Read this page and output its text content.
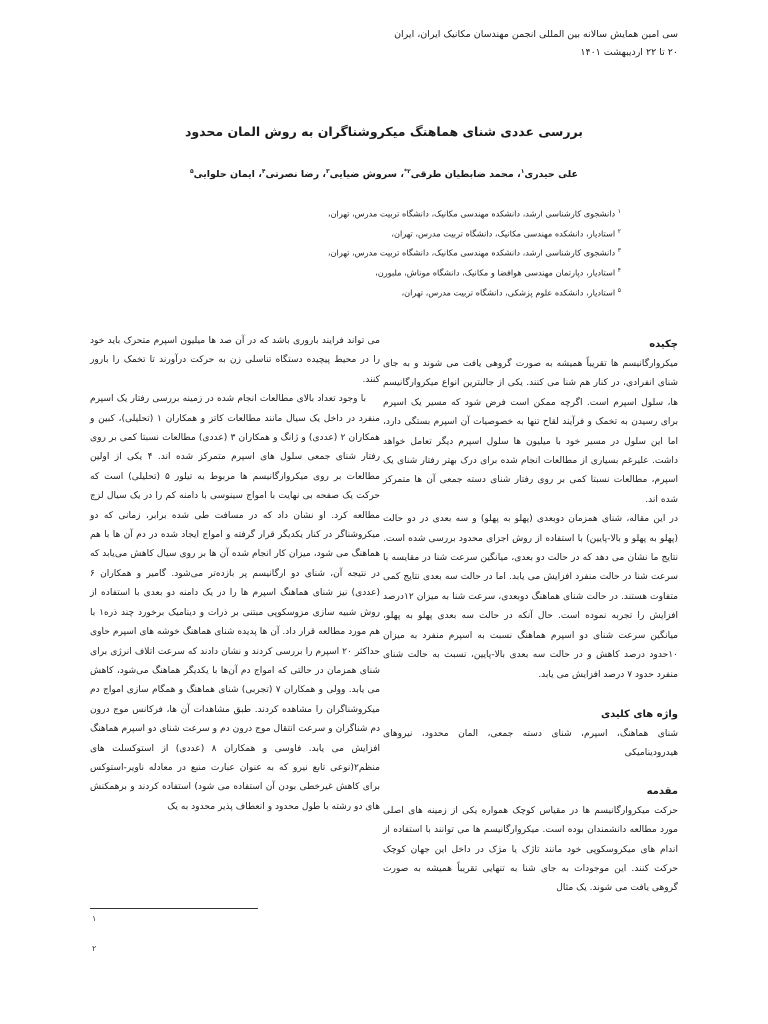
سی امین همایش سالانه بین المللی انجمن مهندسان مکانیک ایران، ایران
۲۰ تا ۲۲ اردیبهشت ۱۴۰۱
بررسی عددی شنای هماهنگ میکروشناگران به روش المان محدود
علی حیدری$^۱$، محمد ضابطیان طرقی$^{۲*}$، سروش ضیایی$^۳$، رضا نصرتی$^۴$، ایمان حلوایی$^۵$
$^۱$ دانشجوی کارشناسی ارشد، دانشکده مهندسی مکانیک، دانشگاه تربیت مدرس، تهران،
$^۲$ استادیار، دانشکده مهندسی مکانیک، دانشگاه تربیت مدرس، تهران،
$^۳$ دانشجوی کارشناسی ارشد، دانشکده مهندسی مکانیک، دانشگاه تربیت مدرس، تهران،
$^۴$ استادیار، دپارتمان مهندسی هوافضا و مکانیک، دانشگاه موناش، ملبورن،
$^۵$ استادیار، دانشکده علوم پزشکی، دانشگاه تربیت مدرس، تهران،
چکیده

میکروارگانیسم ها تقریباً همیشه به صورت گروهی یافت می شوند و به جای شنای انفرادی، در کنار هم شنا می کنند. یکی از جالبترین انواع میکروارگانیسم ها، سلول اسپرم است. اگرچه ممکن است فرض شود که مسیر یک اسپرم برای رسیدن به تخمک و فرآیند لقاح تنها به خصوصیات آن اسپرم بستگی دارد، اما این سلول در مسیر خود با میلیون ها سلول اسپرم دیگر تعامل خواهد داشت. علیرغم بسیاری از مطالعات انجام شده برای درک بهتر رفتار شنای یک اسپرم، مطالعات نسبتا کمی بر روی رفتار شنای دسته جمعی آن ها متمرکز شده اند.

در این مقاله، شنای همزمان دوبعدی (پهلو به پهلو) و سه بعدی در دو حالت (پهلو به پهلو و بالا-پایین) با استفاده از روش اجزای محدود بررسی شده است. نتایج ما نشان می دهد که در حالت دو بعدی، میانگین سرعت شنا در مقایسه با سرعت شنا در حالت منفرد افزایش می یابد. اما در حالت سه بعدی نتایج کمی متفاوت هستند. در حالت شنای هماهنگ دوبعدی، سرعت شنا به میزان ۱۲درصد افزایش را تجربه نموده است. حال آنکه در حالت سه بعدی پهلو به پهلو، میانگین سرعت شنای دو اسپرم هماهنگ نسبت به اسپرم منفرد به میزان ۱۰حدود درصد کاهش و در حالت سه بعدی بالا-پایین، نسبت به حالت شنای منفرد حدود ۷ درصد افزایش می یابد.

واژه های کلیدی

شنای هماهنگ، اسپرم، شنای دسته جمعی، المان محدود، نیروهای هیدرودینامیکی

مقدمه

حرکت میکروارگانیسم ها در مقیاس کوچک همواره یکی از زمینه های اصلی مورد مطالعه دانشمندان بوده است. میکروارگانیسم ها می توانند با استفاده از اندام های میکروسکوپی خود مانند تاژک یا مژک در داخل این جهان کوچک حرکت کنند. این موجودات به جای شنا به تنهایی تقریباً همیشه به صورت گروهی یافت می شوند. یک مثال

می تواند فرایند باروری باشد که در آن صد ها میلیون اسپرم متحرک باید خود را در محیط پیچیده دستگاه تناسلی زن به حرکت درآورند تا تخمک را بارور کنند.

با وجود تعداد بالای مطالعات انجام شده در زمینه بررسی رفتار یک اسپرم منفرد در داخل یک سیال مانند مطالعات کاتز و همکاران ۱ (تحلیلی)، کبین و همکاران ۲ (عددی) و ژانگ و همکاران ۳ (عددی) مطالعات نسبتا کمی بر روی رفتار شنای جمعی سلول های اسپرم متمرکز شده اند. ۴ یکی از اولین مطالعات بر روی میکروارگانیسم ها مربوط به تیلور ۵ (تحلیلی) است که حرکت یک صفحه بی نهایت با امواج سینوسی با دامنه کم را در یک سیال لزج مطالعه کرد. او نشان داد که در مسافت طی شده برابر، زمانی که دو میکروشناگر در کنار یکدیگر قرار گرفته و امواج ایجاد شده در دم آن ها با هم هماهنگ می شود، میزان کار انجام شده آن ها بر روی سیال کاهش می‌یابد که در نتیجه آن، شنای دو ارگانیسم پر بازده‌تر می‌شود. گامیر و همکاران ۶ (عددی) نیز شنای هماهنگ اسپرم ها را در یک دامنه دو بعدی با استفاده از روش شبیه سازی مزوسکوپی مبتنی بر ذرات و دینامیک برخورد چند ذره۱ با هم مورد مطالعه قرار داد. آن ها پدیده شنای هماهنگ خوشه های اسپرم حاوی حداکثر ۲۰ اسپرم را بررسی کردند و نشان دادند که سرعت اتلاف انرژی برای شنای همزمان در حالتی که امواج دم آن‌ها با یکدیگر هماهنگ می‌شود، کاهش می یابد. وولی و همکاران ۷ (تجربی) شنای هماهنگ و همگام سازی امواج دم میکروشناگران را مشاهده کردند. طبق مشاهدات آن ها، فرکانس موج درون دم شناگران و سرعت انتقال موج درون دم و سرعت شنای دو اسپرم هماهنگ افزایش می یابد. فاوسی و همکاران ۸ (عددی) از استوکسلت های منظم۲(نوعی تابع نیرو که به عنوان عبارت منبع در معادله ناویر-استوکس برای کاهش غیرخطی بودن آن استفاده می شود) استفاده کردند و برهمکنش های دو رشته با طول محدود و انعطاف پذیر محدود به یک

۱
۲
